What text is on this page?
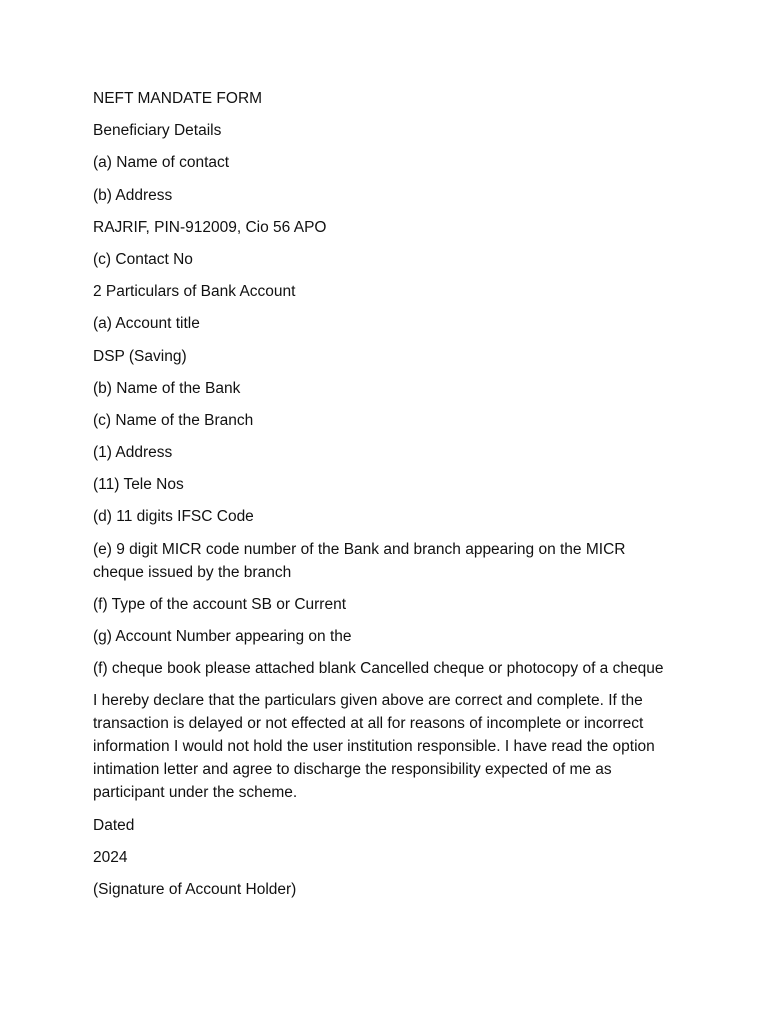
NEFT MANDATE FORM

Beneficiary Details

(a) Name of contact

(b) Address

RAJRIF, PIN-912009, Cio 56 APO

(c) Contact No

2 Particulars of Bank Account

(a) Account title

DSP (Saving)

(b) Name of the Bank

(c) Name of the Branch

(1) Address

(11) Tele Nos

(d) 11 digits IFSC Code

(e) 9 digit MICR code number of the Bank and branch appearing on the MICR cheque issued by the branch

(f) Type of the account SB or Current

(g) Account Number appearing on the

(f) cheque book please attached blank Cancelled cheque or photocopy of a cheque

I hereby declare that the particulars given above are correct and complete. If the transaction is delayed or not effected at all for reasons of incomplete or incorrect information I would not hold the user institution responsible. I have read the option intimation letter and agree to discharge the responsibility expected of me as participant under the scheme.

Dated

2024

(Signature of Account Holder)
